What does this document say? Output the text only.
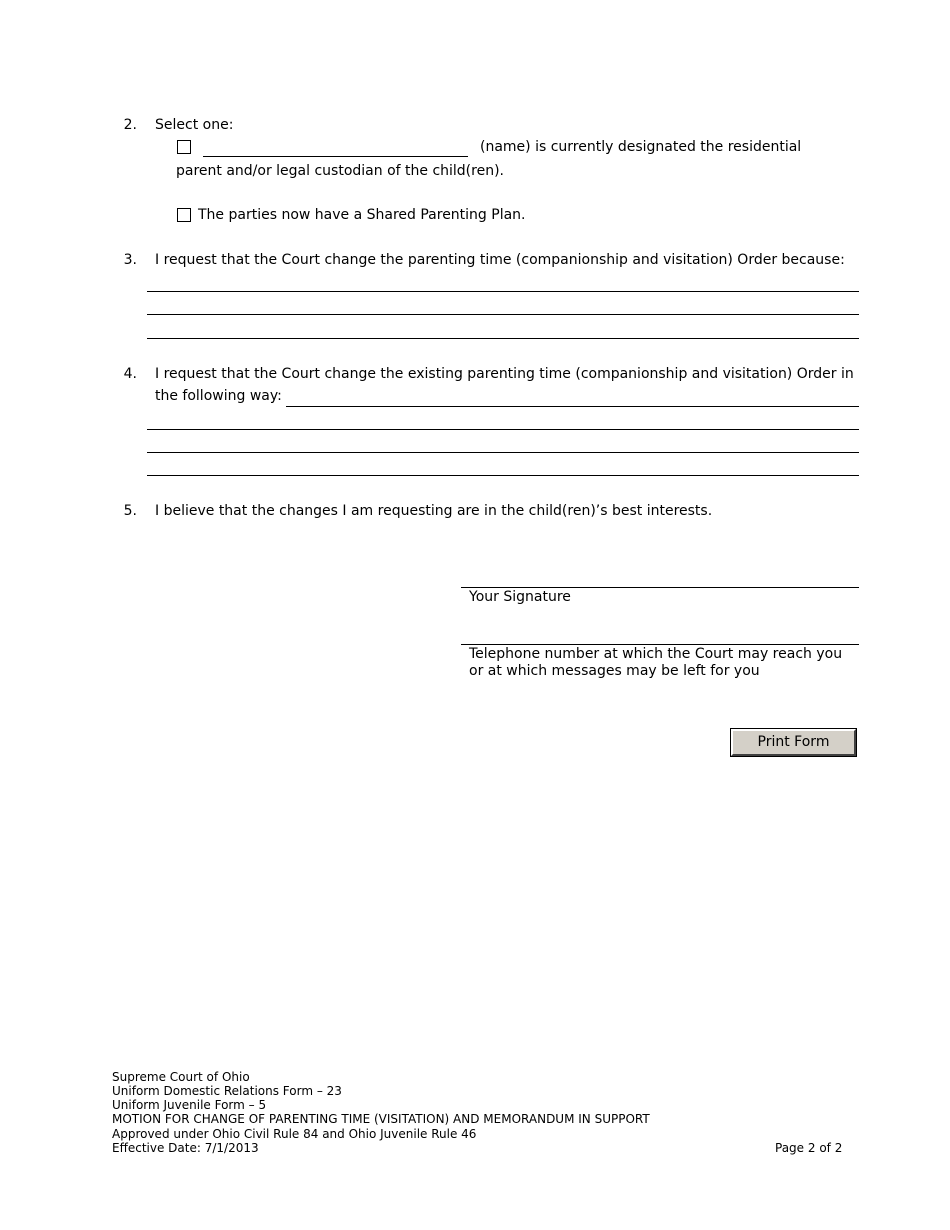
2. Select one:
(name) is currently designated the residential
parent and/or legal custodian of the child(ren).
The parties now have a Shared Parenting Plan.
3. I request that the Court change the parenting time (companionship and visitation) Order because:
4. I request that the Court change the existing parenting time (companionship and visitation) Order in
the following way:
5. I believe that the changes I am requesting are in the child(ren)’s best interests.
Your Signature
Telephone number at which the Court may reach you
or at which messages may be left for you
Print Form
Supreme Court of Ohio
Uniform Domestic Relations Form – 23
Uniform Juvenile Form – 5
MOTION FOR CHANGE OF PARENTING TIME (VISITATION) AND MEMORANDUM IN SUPPORT
Approved under Ohio Civil Rule 84 and Ohio Juvenile Rule 46
Effective Date: 7/1/2013	Page 2 of 2
